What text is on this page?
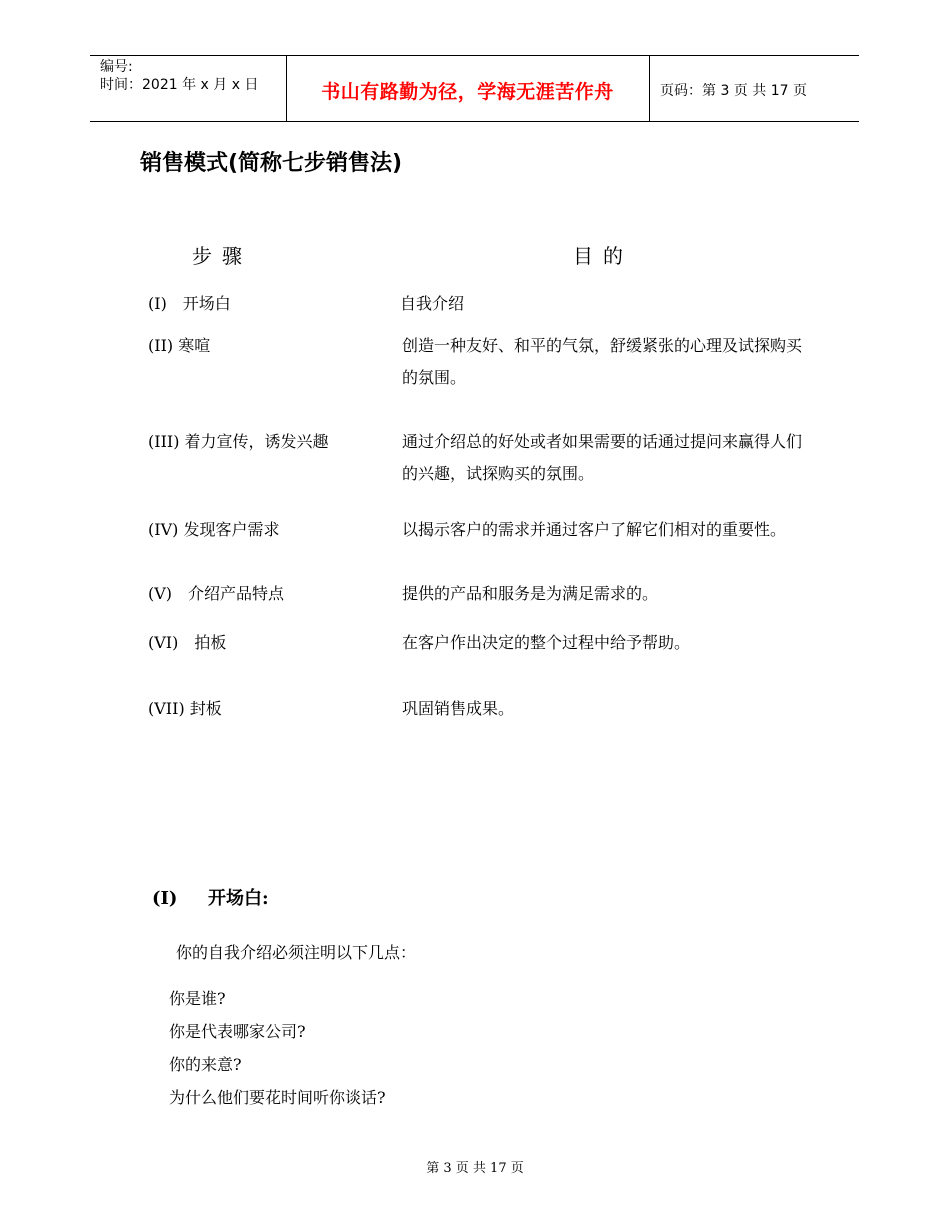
编号:
时间：2021 年 x 月 x 日	书山有路勤为径，学海无涯苦作舟	页码：第 3 页 共 17 页
销售模式(简称七步销售法)
步骤	目的
(I)　开场白	自我介绍
(II) 寒喧	创造一种友好、和平的气氛，舒缓紧张的心理及试探购买的氛围。
(III) 着力宣传，诱发兴趣	通过介绍总的好处或者如果需要的话通过提问来赢得人们的兴趣，试探购买的氛围。
(IV) 发现客户需求	以揭示客户的需求并通过客户了解它们相对的重要性。
(V)　介绍产品特点	提供的产品和服务是为满足需求的。
(VI)　拍板	在客户作出决定的整个过程中给予帮助。
(VII) 封板	巩固销售成果。
(I) 开场白:
你的自我介绍必须注明以下几点：
你是谁?
你是代表哪家公司?
你的来意?
为什么他们要花时间听你谈话?
第 3 页 共 17 页
